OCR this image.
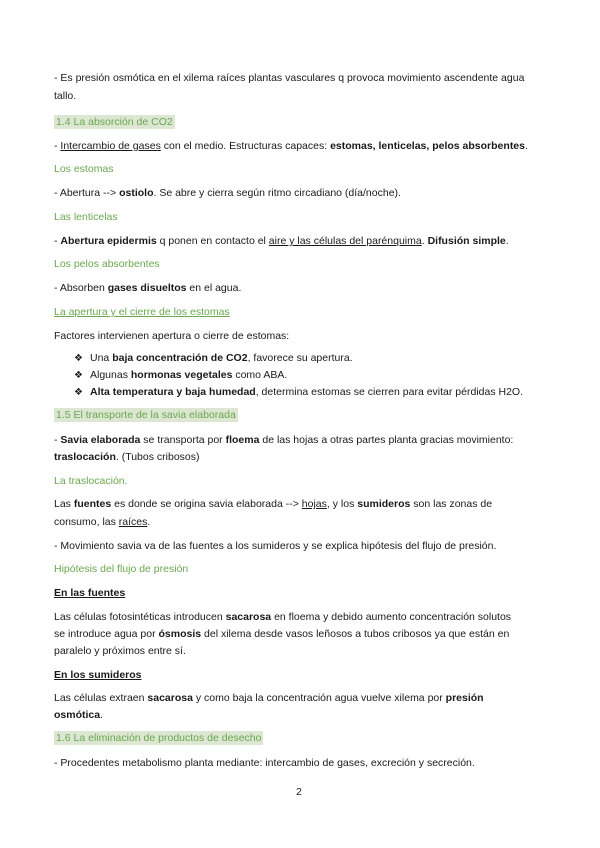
- Es presión osmótica en el xilema raíces plantas vasculares q provoca movimiento ascendente agua
tallo.
1.4 La absorción de CO2
- Intercambio de gases con el medio. Estructuras capaces: estomas, lenticelas, pelos absorbentes.
Los estomas
- Abertura --> ostiolo. Se abre y cierra según ritmo circadiano (día/noche).
Las lenticelas
- Abertura epidermis q ponen en contacto el aire y las células del parénquima. Difusión simple.
Los pelos absorbentes
- Absorben gases disueltos en el agua.
La apertura y el cierre de los estomas
Factores intervienen apertura o cierre de estomas:
❖ Una baja concentración de CO2, favorece su apertura.
❖ Algunas hormonas vegetales como ABA.
❖ Alta temperatura y baja humedad, determina estomas se cierren para evitar pérdidas H2O.
1.5 El transporte de la savia elaborada
- Savia elaborada se transporta por floema de las hojas a otras partes planta gracias movimiento:
traslocación. (Tubos cribosos)
La traslocación.
Las fuentes es donde se origina savia elaborada --> hojas, y los sumideros son las zonas de
consumo, las raíces.
- Movimiento savia va de las fuentes a los sumideros y se explica hipótesis del flujo de presión.
Hipótesis del flujo de presión
En las fuentes
Las células fotosintéticas introducen sacarosa en floema y debido aumento concentración solutos
se introduce agua por ósmosis del xilema desde vasos leñosos a tubos cribosos ya que están en
paralelo y próximos entre sí.
En los sumideros
Las células extraen sacarosa y como baja la concentración agua vuelve xilema por presión
osmótica.
1.6 La eliminación de productos de desecho
- Procedentes metabolismo planta mediante: intercambio de gases, excreción y secreción.
2
